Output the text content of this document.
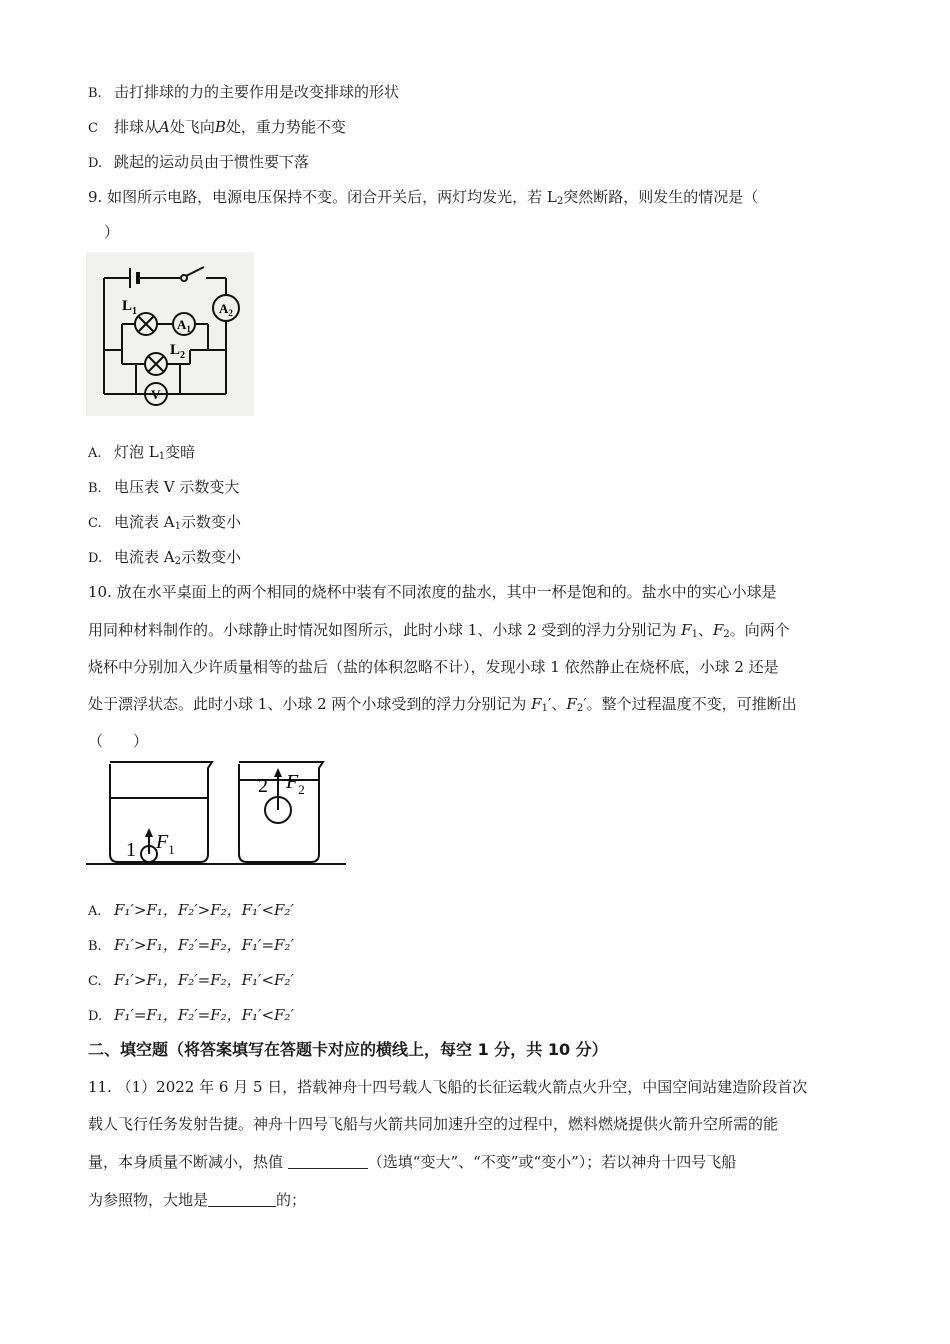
B. 击打排球的力的主要作用是改变排球的形状
C 排球从A处飞向B处，重力势能不变
D. 跳起的运动员由于惯性要下落
9. 如图所示电路，电源电压保持不变。闭合开关后，两灯均发光，若 $L_2$突然断路，则发生的情况是（
）
$L_1$
$L_2$
$A_1$
$A_2$
V
A. 灯泡 $L_1$变暗
B. 电压表 V 示数变大
C. 电流表 $A_1$示数变小
D. 电流表 $A_2$示数变小
10. 放在水平桌面上的两个相同的烧杯中装有不同浓度的盐水，其中一杯是饱和的。盐水中的实心小球是
用同种材料制作的。小球静止时情况如图所示，此时小球 1、小球 2 受到的浮力分别记为 $F_1$、$F_2$。向两个
烧杯中分别加入少许质量相等的盐后（盐的体积忽略不计），发现小球 1 依然静止在烧杯底，小球 2 还是
处于漂浮状态。此时小球 1、小球 2 两个小球受到的浮力分别记为 $F_1'$、$F_2'$。整个过程温度不变，可推断出
（　　）
1 $F_1$
2 $F_2$
A. F₁′>F₁，F₂′>F₂，F₁′<F₂′
B. F₁′>F₁，F₂′=F₂，F₁′=F₂′
C. F₁′>F₁，F₂′=F₂，F₁′<F₂′
D. F₁′=F₁，F₂′=F₂，F₁′<F₂′
二、填空题（将答案填写在答题卡对应的横线上，每空 1 分，共 10 分）
11. （1）2022 年 6 月 5 日，搭载神舟十四号载人飞船的长征运载火箭点火升空，中国空间站建造阶段首次
载人飞行任务发射告捷。神舟十四号飞船与火箭共同加速升空的过程中，燃料燃烧提供火箭升空所需的能
量，本身质量不断减小，热值	（选填“变大”、“不变”或“变小”）；若以神舟十四号飞船
为参照物，大地是	的；
